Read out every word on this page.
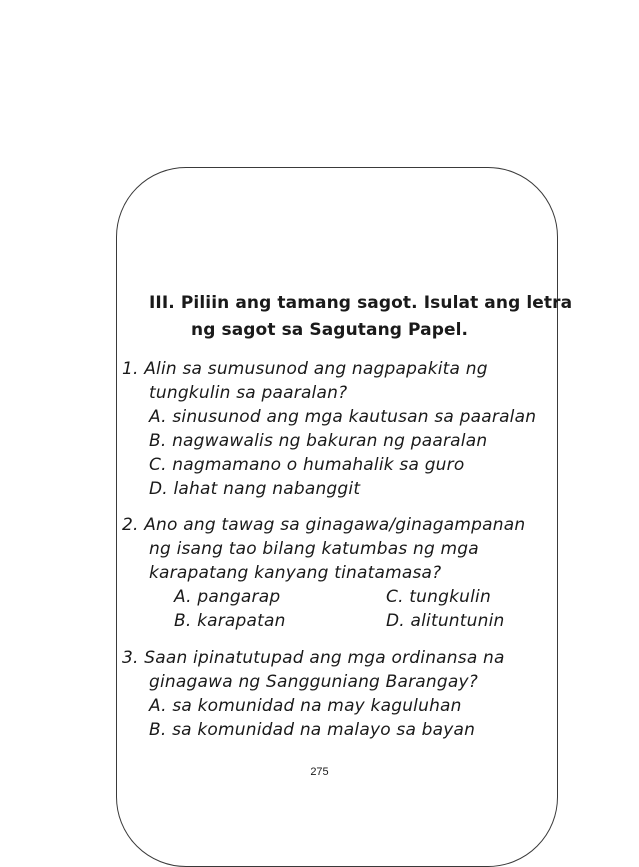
III. Piliin ang tamang sagot. Isulat ang letra
ng sagot sa Sagutang Papel.
1. Alin sa sumusunod ang nagpapakita ng
tungkulin sa paaralan?
A. sinusunod ang mga kautusan sa paaralan
B. nagwawalis ng bakuran ng paaralan
C. nagmamano o humahalik sa guro
D. lahat nang nabanggit
2. Ano ang tawag sa ginagawa/ginagampanan
ng isang tao bilang katumbas ng mga
karapatang kanyang tinatamasa?
A. pangarap	C. tungkulin
B. karapatan	D. alituntunin
3. Saan ipinatutupad ang mga ordinansa na
ginagawa ng Sangguniang Barangay?
A. sa komunidad na may kaguluhan
B. sa komunidad na malayo sa bayan
275
